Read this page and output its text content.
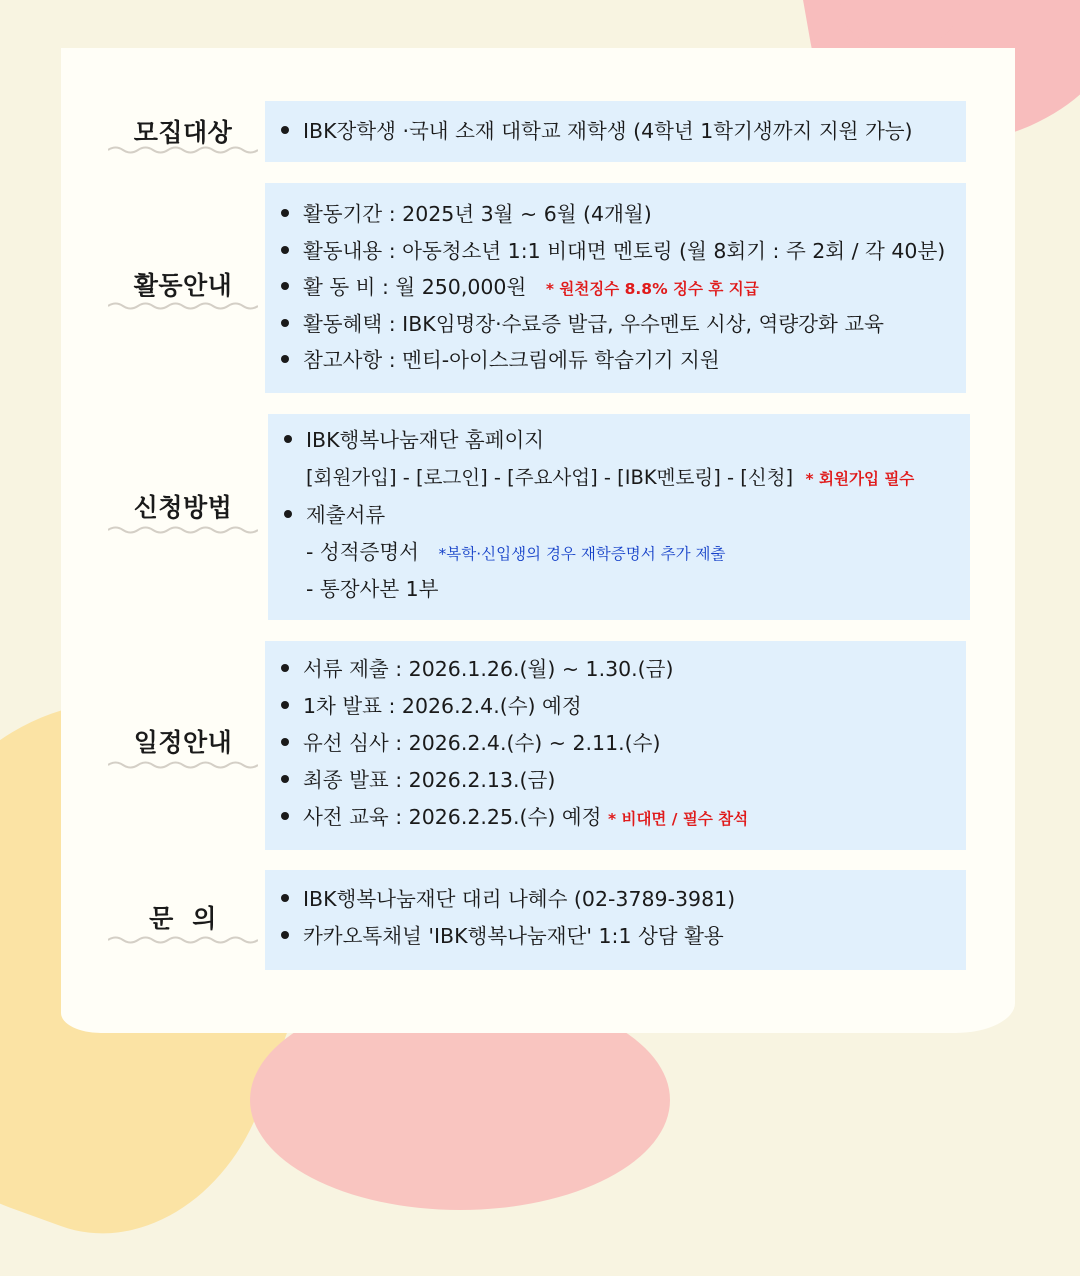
모집대상	IBK장학생 ·국내 소재 대학교 재학생 (4학년 1학기생까지 지원 가능)
활동안내
활동기간 : 2025년 3월 ~ 6월 (4개월)
활동내용 : 아동청소년 1:1 비대면 멘토링 (월 8회기 : 주 2회 / 각 40분)
활 동 비 : 월 250,000원 * 원천징수 8.8% 징수 후 지급
활동혜택 : IBK임명장·수료증 발급, 우수멘토 시상, 역량강화 교육
참고사항 : 멘티-아이스크림에듀 학습기기 지원
신청방법
IBK행복나눔재단 홈페이지
[회원가입] - [로그인] - [주요사업] - [IBK멘토링] - [신청] * 회원가입 필수
제출서류
- 성적증명서 *복학·신입생의 경우 재학증명서 추가 제출
- 통장사본 1부
일정안내
서류 제출 : 2026.1.26.(월) ~ 1.30.(금)
1차 발표 : 2026.2.4.(수) 예정
유선 심사 : 2026.2.4.(수) ~ 2.11.(수)
최종 발표 : 2026.2.13.(금)
사전 교육 : 2026.2.25.(수) 예정 * 비대면 / 필수 참석
문  의
IBK행복나눔재단 대리 나혜수 (02-3789-3981)
카카오톡채널 'IBK행복나눔재단' 1:1 상담 활용
